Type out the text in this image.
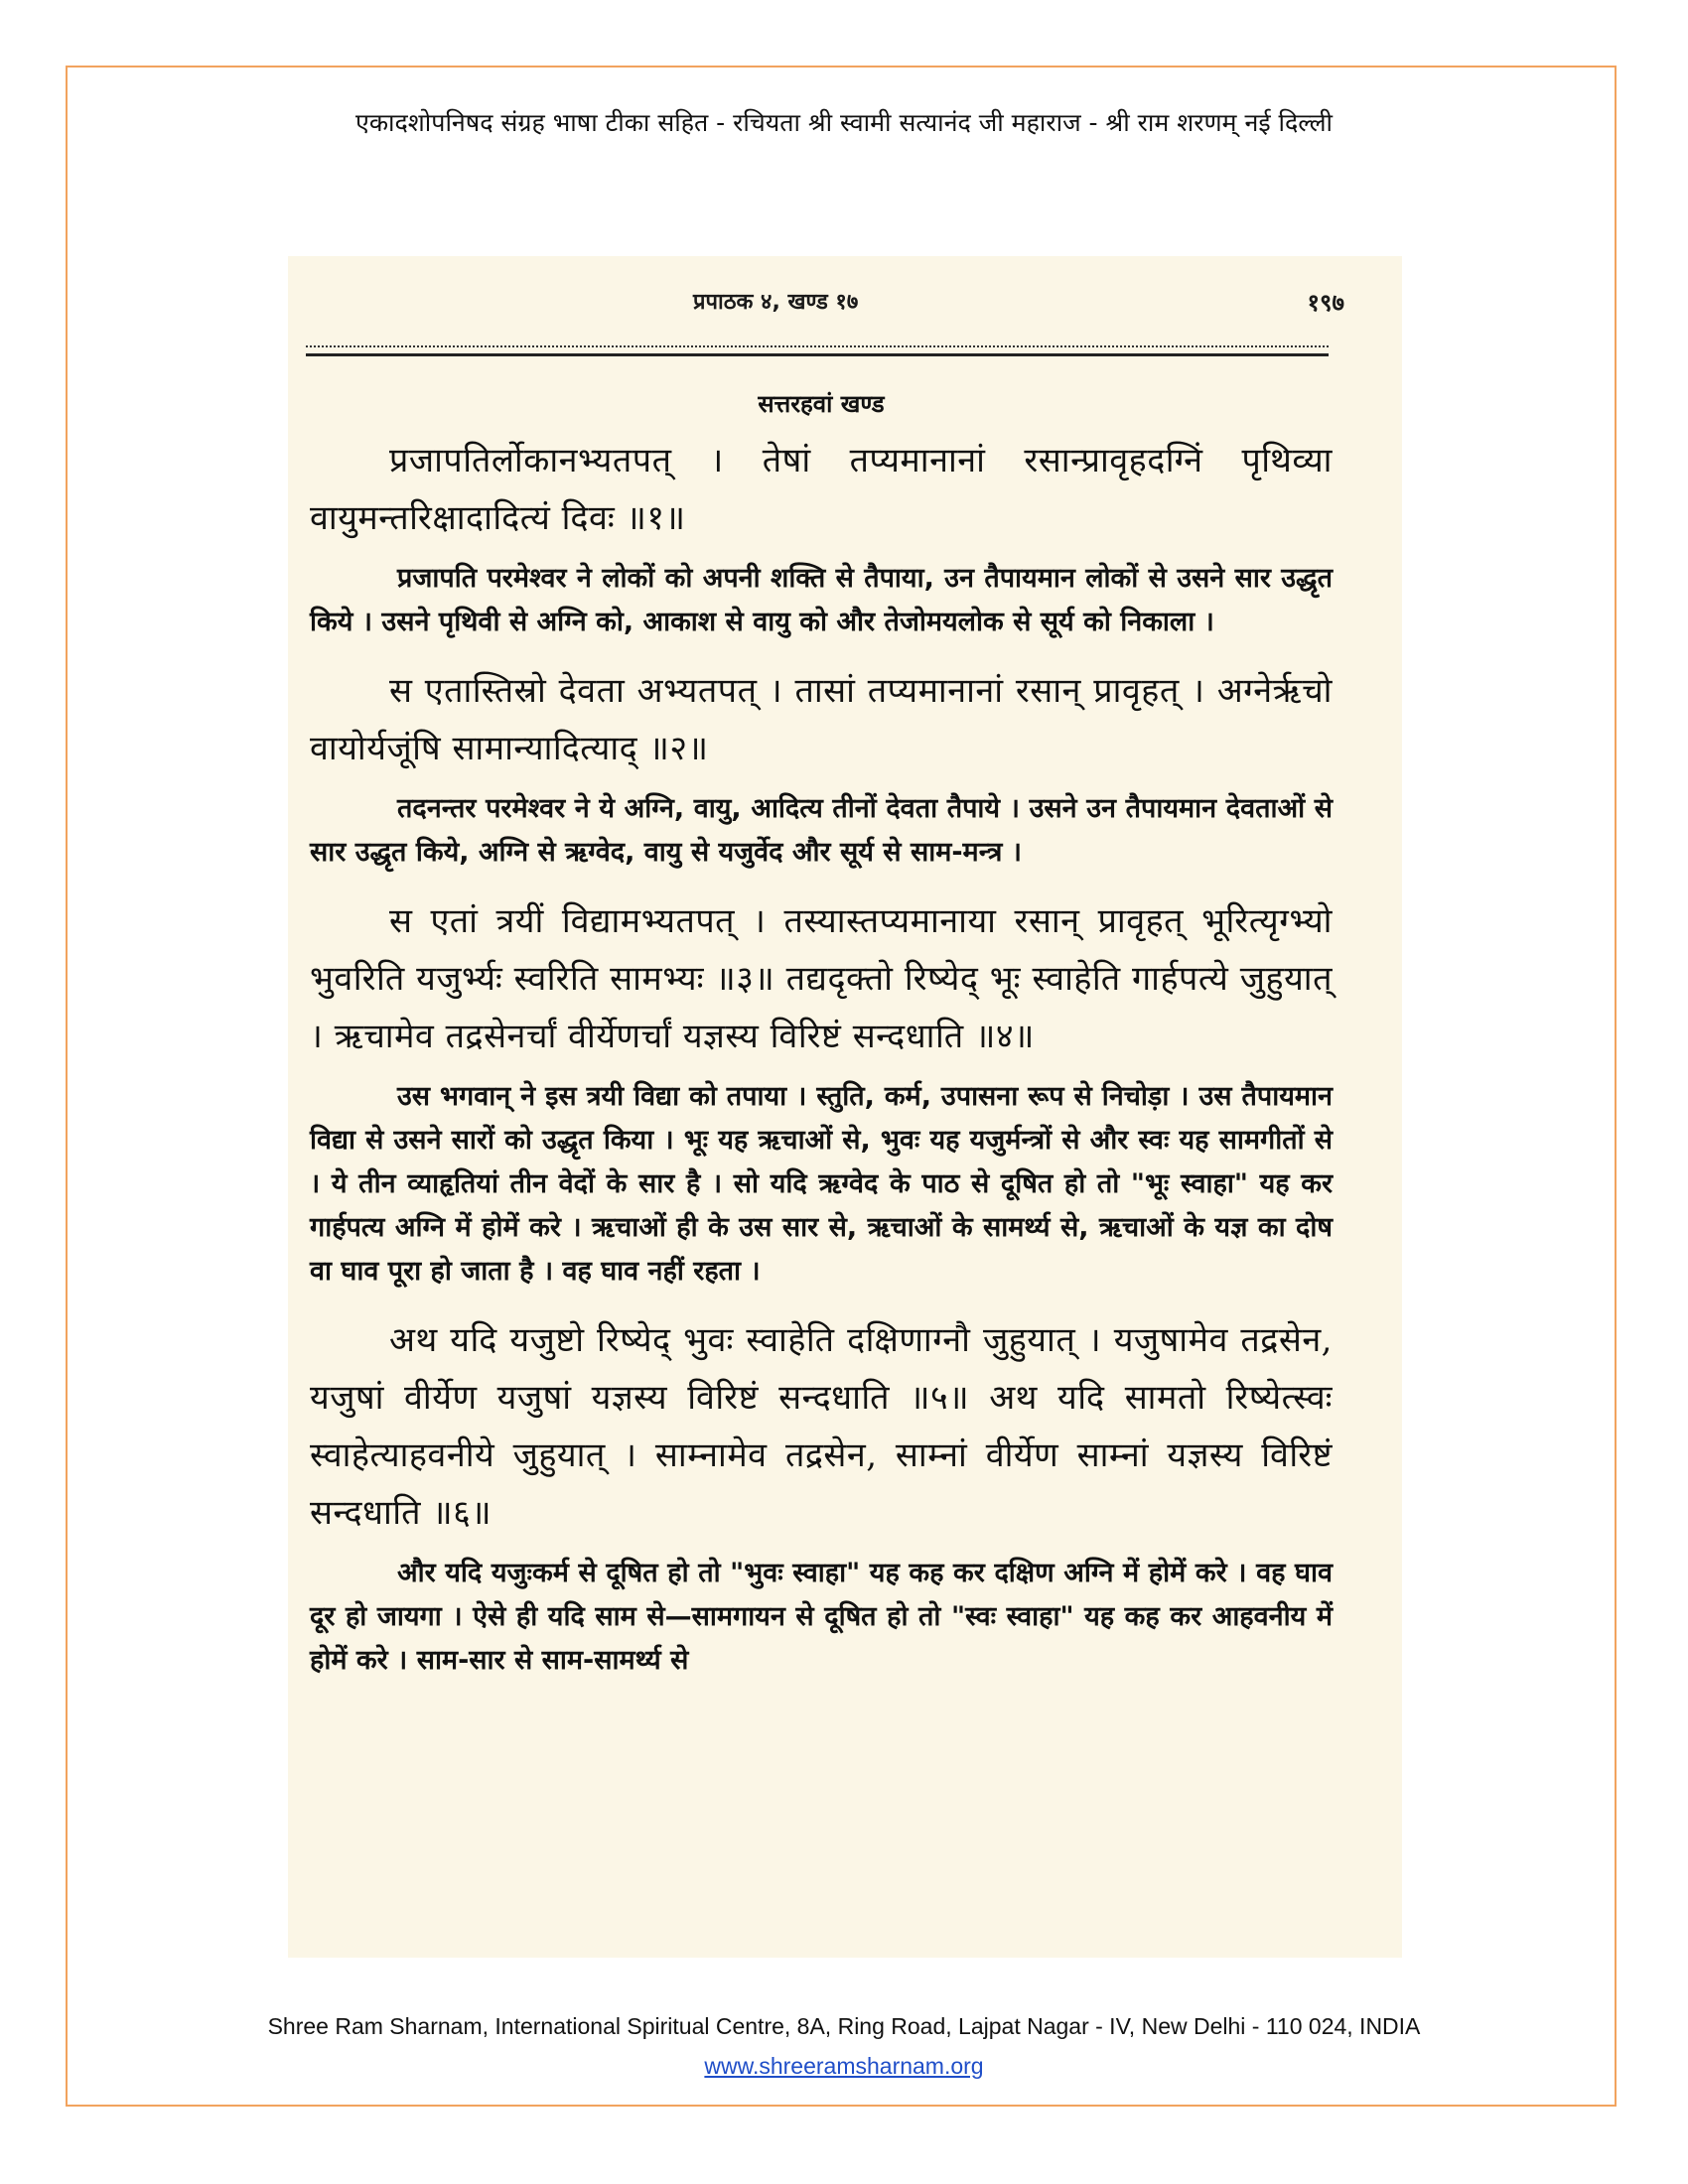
एकादशोपनिषद संग्रह भाषा टीका सहित - रचियता श्री स्वामी सत्यानंद जी महाराज - श्री राम शरणम् नई दिल्ली
प्रपाठक ४, खण्ड १७	१९७
सत्तरहवां खण्ड

प्रजापतिर्लोकानभ्यतपत् । तेषां तप्यमानानां रसान्प्रावृहदग्निं पृथिव्या वायुमन्तरिक्षादादित्यं दिवः ॥१॥

प्रजापति परमेश्वर ने लोकों को अपनी शक्ति से तैपाया, उन तैपायमान लोकों से उसने सार उद्धृत किये । उसने पृथिवी से अग्नि को, आकाश से वायु को और तेजोमयलोक से सूर्य को निकाला ।

स एतास्तिस्रो देवता अभ्यतपत् । तासां तप्यमानानां रसान् प्रावृहत् । अग्नेर्ऋचो वायोर्यजूंषि सामान्यादित्याद् ॥२॥

तदनन्तर परमेश्वर ने ये अग्नि, वायु, आदित्य तीनों देवता तैपाये । उसने उन तैपायमान देवताओं से सार उद्धृत किये, अग्नि से ऋग्वेद, वायु से यजुर्वेद और सूर्य से साम-मन्त्र ।

स एतां त्रयीं विद्यामभ्यतपत् । तस्यास्तप्यमानाया रसान् प्रावृहत् भूरित्यृग्भ्यो भुवरिति यजुर्भ्यः स्वरिति सामभ्यः ॥३॥ तद्यदृक्तो रिष्येद् भूः स्वाहेति गार्हपत्ये जुहुयात् । ऋचामेव तद्रसेनर्चां वीर्येणर्चां यज्ञस्य विरिष्टं सन्दधाति ॥४॥

उस भगवान् ने इस त्रयी विद्या को तपाया । स्तुति, कर्म, उपासना रूप से निचोड़ा । उस तैपायमान विद्या से उसने सारों को उद्धृत किया । भूः यह ऋचाओं से, भुवः यह यजुर्मन्त्रों से और स्वः यह सामगीतों से । ये तीन व्याहृतियां तीन वेदों के सार है । सो यदि ऋग्वेद के पाठ से दूषित हो तो "भूः स्वाहा" यह कर गार्हपत्य अग्नि में होमें करे । ऋचाओं ही के उस सार से, ऋचाओं के सामर्थ्य से, ऋचाओं के यज्ञ का दोष वा घाव पूरा हो जाता है । वह घाव नहीं रहता ।

अथ यदि यजुष्टो रिष्येद् भुवः स्वाहेति दक्षिणाग्नौ जुहुयात् । यजुषामेव तद्रसेन, यजुषां वीर्येण यजुषां यज्ञस्य विरिष्टं सन्दधाति ॥५॥ अथ यदि सामतो रिष्येत्स्वः स्वाहेत्याहवनीये जुहुयात् । साम्नामेव तद्रसेन, साम्नां वीर्येण साम्नां यज्ञस्य विरिष्टं सन्दधाति ॥६॥

और यदि यजुःकर्म से दूषित हो तो "भुवः स्वाहा" यह कह कर दक्षिण अग्नि में होमें करे । वह घाव दूर हो जायगा । ऐसे ही यदि साम से—सामगायन से दूषित हो तो "स्वः स्वाहा" यह कह कर आहवनीय में होमें करे । साम-सार से साम-सामर्थ्य से

Shree Ram Sharnam, International Spiritual Centre, 8A, Ring Road, Lajpat Nagar - IV, New Delhi - 110 024, INDIA
www.shreeramsharnam.org
